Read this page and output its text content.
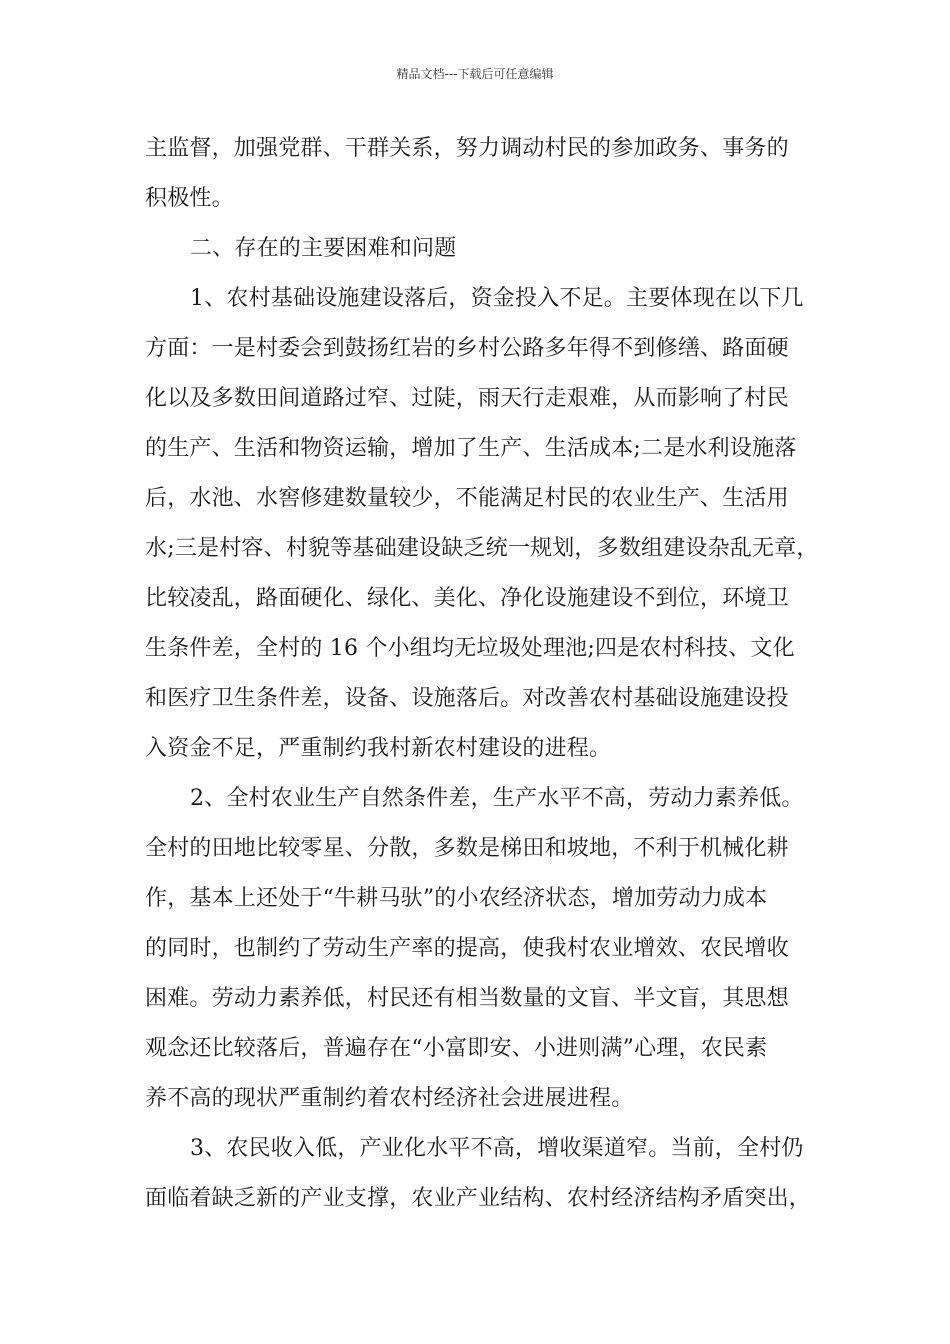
精品文档---下载后可任意编辑
主监督，加强党群、干群关系，努力调动村民的参加政务、事务的
积极性。
二、存在的主要困难和问题
1、农村基础设施建设落后，资金投入不足。主要体现在以下几
方面：一是村委会到鼓扬红岩的乡村公路多年得不到修缮、路面硬
化以及多数田间道路过窄、过陡，雨天行走艰难，从而影响了村民
的生产、生活和物资运输，增加了生产、生活成本;二是水利设施落
后，水池、水窖修建数量较少，不能满足村民的农业生产、生活用
水;三是村容、村貌等基础建设缺乏统一规划，多数组建设杂乱无章，
比较凌乱，路面硬化、绿化、美化、净化设施建设不到位，环境卫
生条件差，全村的 16 个小组均无垃圾处理池;四是农村科技、文化
和医疗卫生条件差，设备、设施落后。对改善农村基础设施建设投
入资金不足，严重制约我村新农村建设的进程。
2、全村农业生产自然条件差，生产水平不高，劳动力素养低。
全村的田地比较零星、分散，多数是梯田和坡地，不利于机械化耕
作，基本上还处于“牛耕马驮”的小农经济状态，增加劳动力成本
的同时，也制约了劳动生产率的提高，使我村农业增效、农民增收
困难。劳动力素养低，村民还有相当数量的文盲、半文盲，其思想
观念还比较落后，普遍存在“小富即安、小进则满”心理，农民素
养不高的现状严重制约着农村经济社会进展进程。
3、农民收入低，产业化水平不高，增收渠道窄。当前，全村仍
面临着缺乏新的产业支撑，农业产业结构、农村经济结构矛盾突出，
